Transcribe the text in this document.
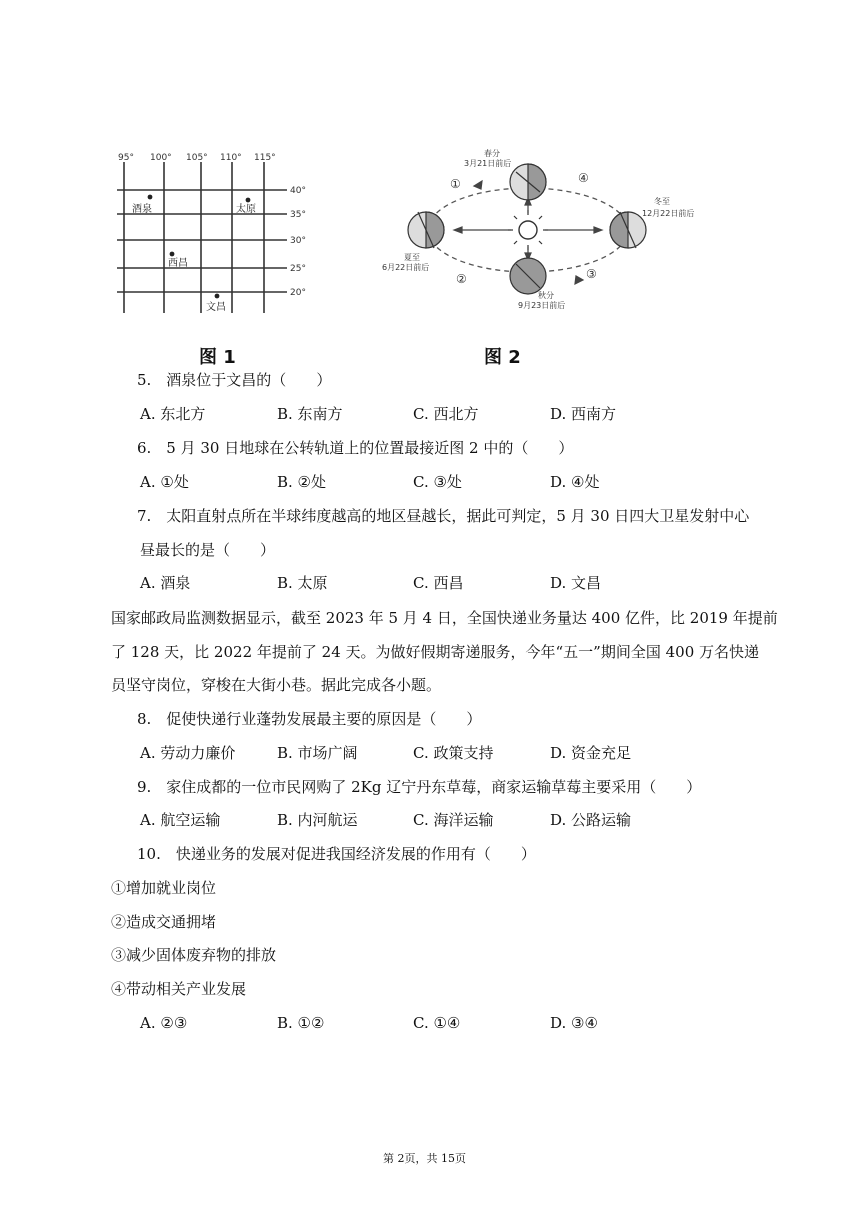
95° 100° 105° 110° 115°
40°
35°
30°
25°
20°
酒泉	太原
西昌
文昌
①
②	③
④
春分
3月21日前后
夏至
6月22日前后
秋分
9月23日前后
冬至
12月22日前后
图 1	图 2
5.　酒泉位于文昌的（　　）
A. 东北方	B. 东南方	C. 西北方	D. 西南方
6.　5 月 30 日地球在公转轨道上的位置最接近图 2 中的（　　）
A. ①处	B. ②处	C. ③处	D. ④处
7.　太阳直射点所在半球纬度越高的地区昼越长，据此可判定，5 月 30 日四大卫星发射中心
昼最长的是（　　）
A. 酒泉	B. 太原	C. 西昌	D. 文昌
国家邮政局监测数据显示，截至 2023 年 5 月 4 日，全国快递业务量达 400 亿件，比 2019 年提前
了 128 天，比 2022 年提前了 24 天。为做好假期寄递服务，今年“五一”期间全国 400 万名快递
员坚守岗位，穿梭在大街小巷。据此完成各小题。
8.　促使快递行业蓬勃发展最主要的原因是（　　）
A. 劳动力廉价	B. 市场广阔	C. 政策支持	D. 资金充足
9.　家住成都的一位市民网购了 2Kg 辽宁丹东草莓，商家运输草莓主要采用（　　）
A. 航空运输	B. 内河航运	C. 海洋运输	D. 公路运输
10.　快递业务的发展对促进我国经济发展的作用有（　　）
①增加就业岗位
②造成交通拥堵
③减少固体废弃物的排放
④带动相关产业发展
A. ②③	B. ①②	C. ①④	D. ③④
第 2页，共 15页
